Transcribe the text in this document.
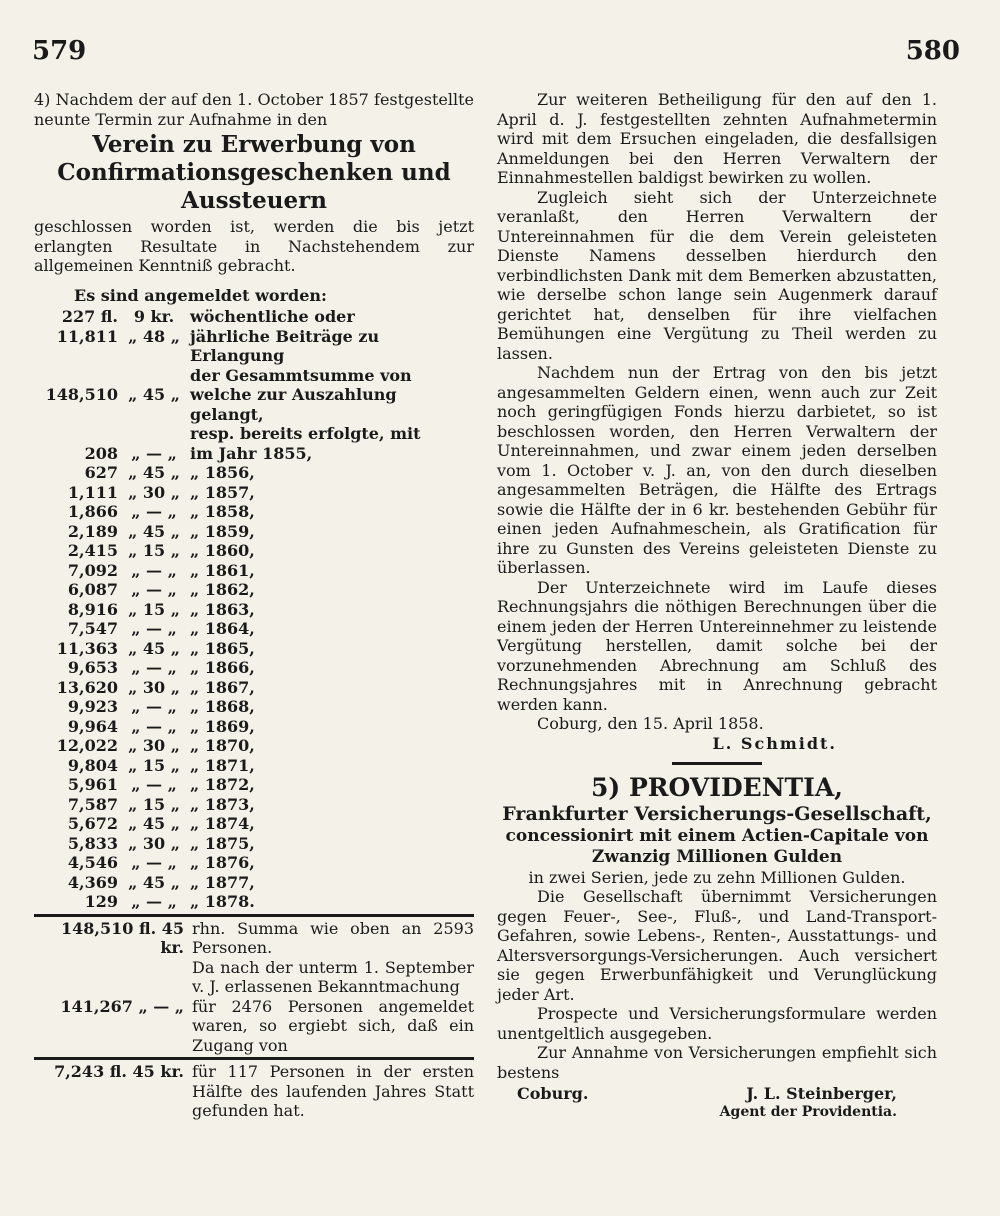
579	580

4) Nachdem der auf den 1. October 1857 festgestellte neunte Termin zur Aufnahme in den

Verein zu Erwerbung von Confirmationsgeschenken und Aussteuern

geschlossen worden ist, werden die bis jetzt erlangten Resultate in Nachstehendem zur allgemeinen Kenntniß gebracht.

Es sind angemeldet worden:

227 fl.	9 kr.	wöchentliche oder
11,811	„ 48 „	jährliche Beiträge zu Erlangung
		der Gesammtsumme von
148,510	„ 45 „	welche zur Auszahlung gelangt,
		resp. bereits erfolgte, mit
208	„ — „	im Jahr 1855,
627	„ 45 „	„ 1856,
1,111	„ 30 „	„ 1857,
1,866	„ — „	„ 1858,
2,189	„ 45 „	„ 1859,
2,415	„ 15 „	„ 1860,
7,092	„ — „	„ 1861,
6,087	„ — „	„ 1862,
8,916	„ 15 „	„ 1863,
7,547	„ — „	„ 1864,
11,363	„ 45 „	„ 1865,
9,653	„ — „	„ 1866,
13,620	„ 30 „	„ 1867,
9,923	„ — „	„ 1868,
9,964	„ — „	„ 1869,
12,022	„ 30 „	„ 1870,
9,804	„ 15 „	„ 1871,
5,961	„ — „	„ 1872,
7,587	„ 15 „	„ 1873,
5,672	„ 45 „	„ 1874,
5,833	„ 30 „	„ 1875,
4,546	„ — „	„ 1876,
4,369	„ 45 „	„ 1877,
129	„ — „	„ 1878.
148,510 fl. 45 kr.
rhn. Summa wie oben an 2593 Personen.
Da nach der unterm 1. September v. J. erlassenen Bekanntmachung
141,267 „ — „ für 2476 Personen angemeldet waren, so ergiebt sich, daß ein Zugang von
7,243 fl. 45 kr. für 117 Personen in der ersten Hälfte des laufenden Jahres Statt gefunden hat.

Zur weiteren Betheiligung für den auf den 1. April d. J. festgestellten zehnten Aufnahmetermin wird mit dem Ersuchen eingeladen, die desfallsigen Anmeldungen bei den Herren Verwaltern der Einnahmestellen baldigst bewirken zu wollen.

Zugleich sieht sich der Unterzeichnete veranlaßt, den Herren Verwaltern der Untereinnahmen für die dem Verein geleisteten Dienste Namens desselben hierdurch den verbindlichsten Dank mit dem Bemerken abzustatten, wie derselbe schon lange sein Augenmerk darauf gerichtet hat, denselben für ihre vielfachen Bemühungen eine Vergütung zu Theil werden zu lassen.

Nachdem nun der Ertrag von den bis jetzt angesammelten Geldern einen, wenn auch zur Zeit noch geringfügigen Fonds hierzu darbietet, so ist beschlossen worden, den Herren Verwaltern der Untereinnahmen, und zwar einem jeden derselben vom 1. October v. J. an, von den durch dieselben angesammelten Beträgen, die Hälfte des Ertrags sowie die Hälfte der in 6 kr. bestehenden Gebühr für einen jeden Aufnahmeschein, als Gratification für ihre zu Gunsten des Vereins geleisteten Dienste zu überlassen.

Der Unterzeichnete wird im Laufe dieses Rechnungsjahrs die nöthigen Berechnungen über die einem jeden der Herren Untereinnehmer zu leistende Vergütung herstellen, damit solche bei der vorzunehmenden Abrechnung am Schluß des Rechnungsjahres mit in Anrechnung gebracht werden kann.

Coburg, den 15. April 1858.

L. Schmidt.
5) PROVIDENTIA,
Frankfurter Versicherungs-Gesellschaft,
concessionirt mit einem Actien-Capitale von Zwanzig Millionen Gulden

in zwei Serien, jede zu zehn Millionen Gulden.

Die Gesellschaft übernimmt Versicherungen gegen Feuer-, See-, Fluß-, und Land-Transport-Gefahren, sowie Lebens-, Renten-, Ausstattungs- und Altersversorgungs-Versicherungen. Auch versichert sie gegen Erwerbunfähigkeit und Verunglückung jeder Art.

Prospecte und Versicherungsformulare werden unentgeltlich ausgegeben.

Zur Annahme von Versicherungen empfiehlt sich bestens

Coburg.	J. L. Steinberger,
Agent der Providentia.
